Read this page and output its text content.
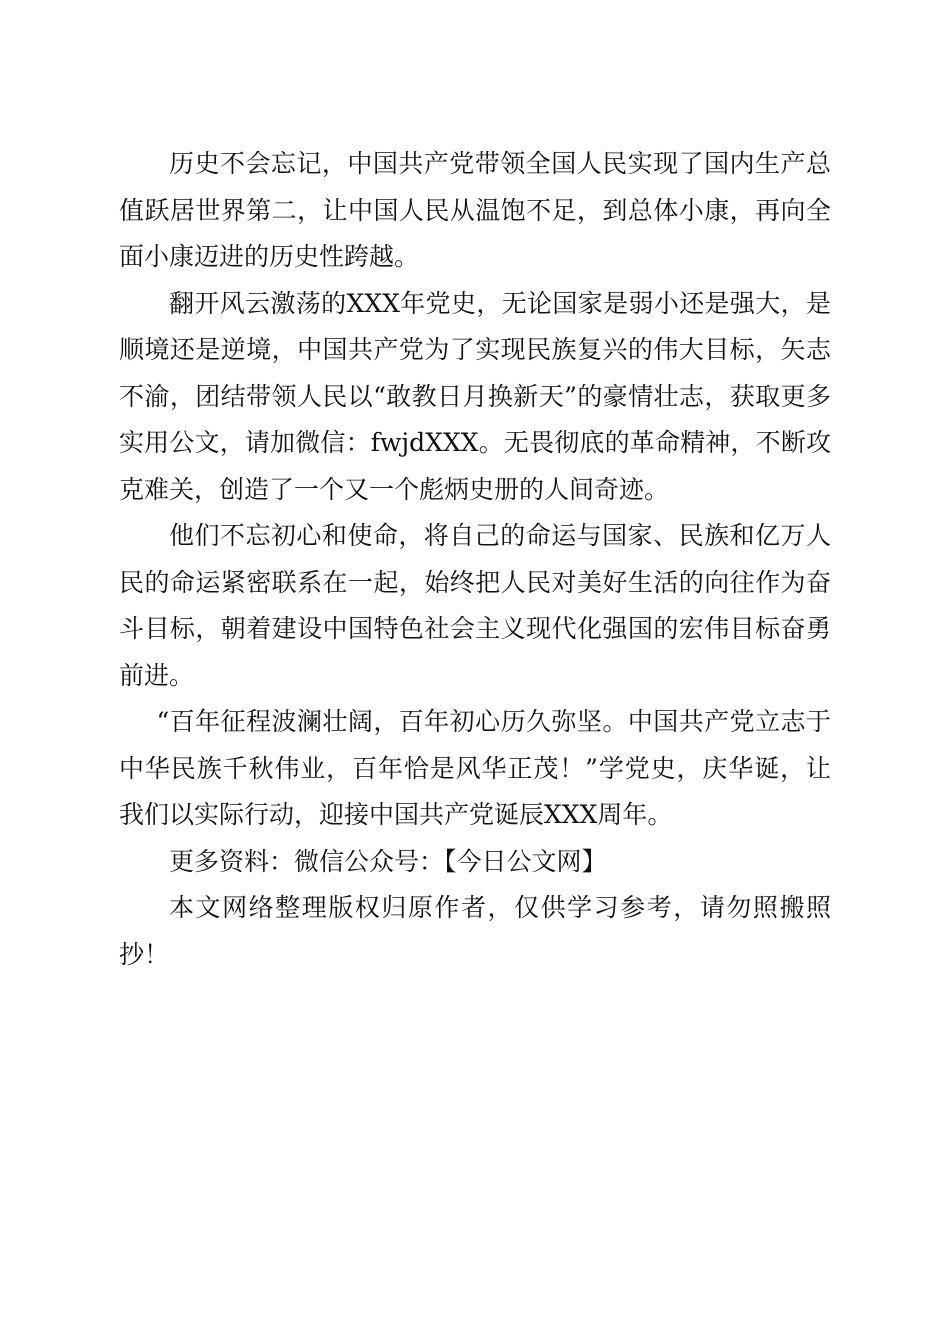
历史不会忘记，中国共产党带领全国人民实现了国内生产总值跃居世界第二，让中国人民从温饱不足，到总体小康，再向全面小康迈进的历史性跨越。

翻开风云激荡的XXX年党史，无论国家是弱小还是强大，是顺境还是逆境，中国共产党为了实现民族复兴的伟大目标，矢志不渝，团结带领人民以“敢教日月换新天”的豪情壮志，获取更多实用公文，请加微信：fwjdXXX。无畏彻底的革命精神，不断攻克难关，创造了一个又一个彪炳史册的人间奇迹。

他们不忘初心和使命，将自己的命运与国家、民族和亿万人民的命运紧密联系在一起，始终把人民对美好生活的向往作为奋斗目标，朝着建设中国特色社会主义现代化强国的宏伟目标奋勇前进。

“百年征程波澜壮阔，百年初心历久弥坚。中国共产党立志于中华民族千秋伟业，百年恰是风华正茂！”学党史，庆华诞，让我们以实际行动，迎接中国共产党诞辰XXX周年。

更多资料：微信公众号：【今日公文网】

本文网络整理版权归原作者，仅供学习参考，请勿照搬照抄！
